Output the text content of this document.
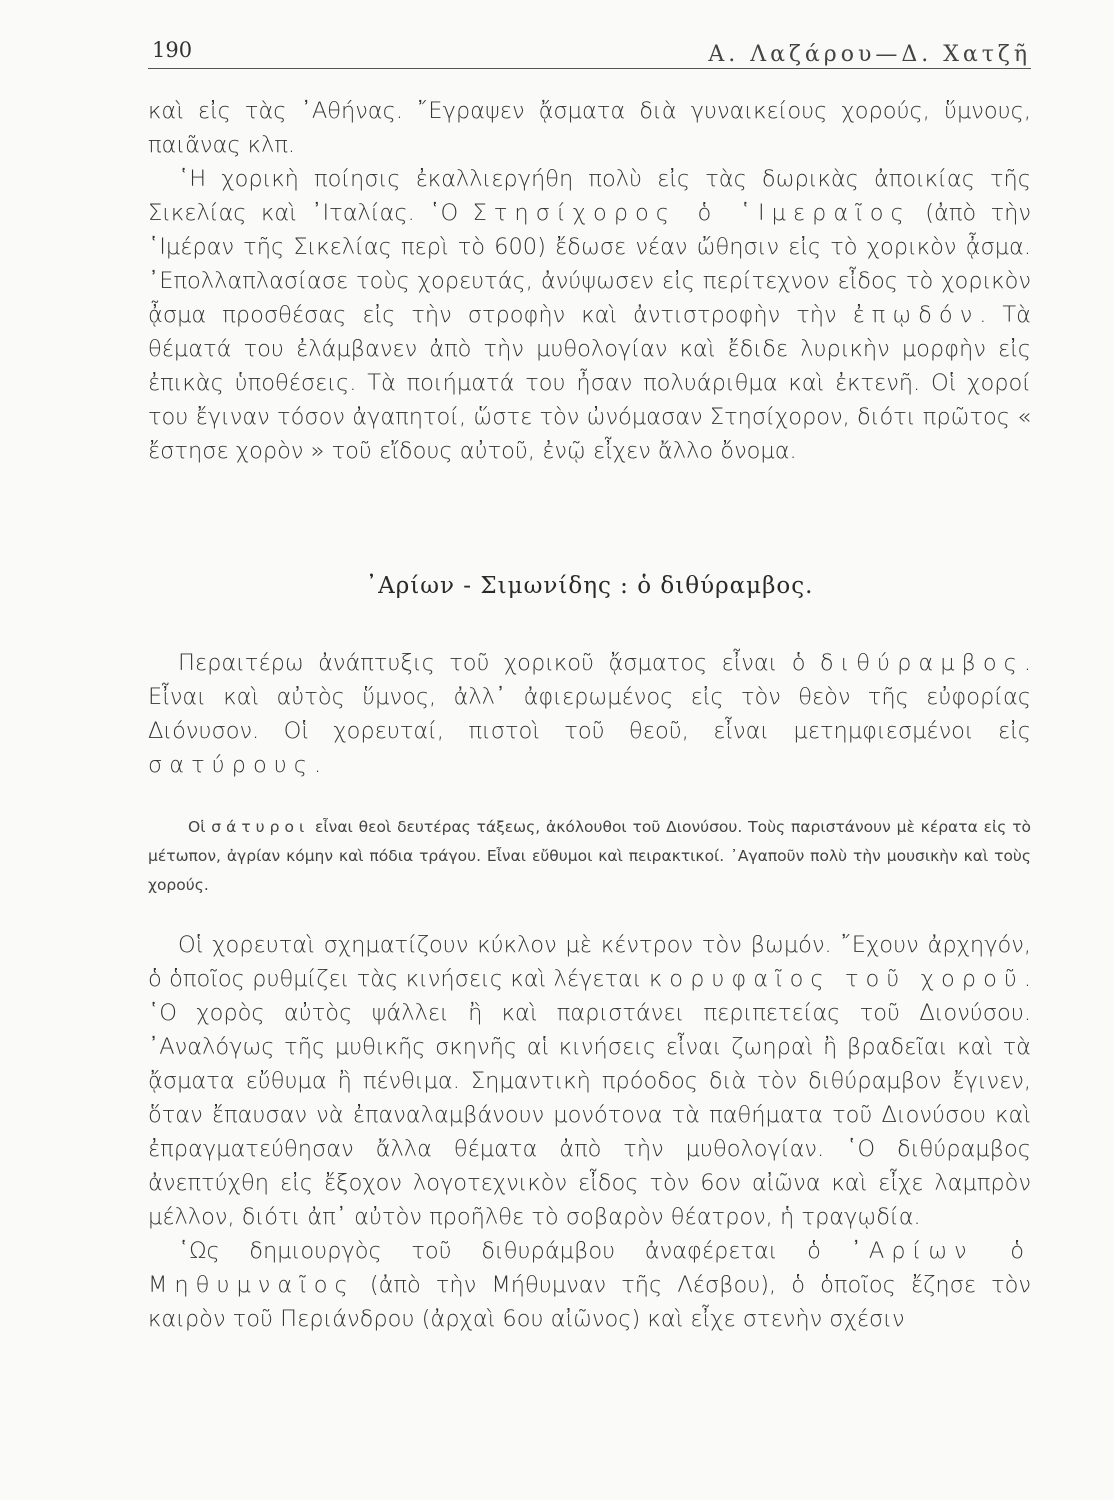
190	Α. Λαζάρου—Δ. Χατζῆ

καὶ εἰς τὰς ᾿Αθήνας. ῎Εγραψεν ᾄσματα διὰ γυναικείους χορούς, ὕμνους, παιᾶνας κλπ.

῾Η χορικὴ ποίησις ἐκαλλιεργήθη πολὺ εἰς τὰς δωρικὰς ἀποικίας τῆς Σικελίας καὶ ᾿Ιταλίας. ῾Ο Στησίχορος ὁ ῾Ιμεραῖος (ἀπὸ τὴν ῾Ιμέραν τῆς Σικελίας περὶ τὸ 600) ἔδωσε νέαν ὤθησιν εἰς τὸ χορικὸν ᾆσμα. ᾿Επολλαπλασίασε τοὺς χορευτάς, ἀνύψωσεν εἰς περίτεχνον εἶδος τὸ χορικὸν ᾆσμα προσθέσας εἰς τὴν στροφὴν καὶ ἀντιστροφὴν τὴν ἐπῳδόν. Τὰ θέματά του ἐλάμβανεν ἀπὸ τὴν μυθολογίαν καὶ ἔδιδε λυρικὴν μορφὴν εἰς ἐπικὰς ὑποθέσεις. Τὰ ποιήματά του ἦσαν πολυάριθμα καὶ ἐκτενῆ. Οἱ χοροί του ἔγιναν τόσον ἀγαπητοί, ὥστε τὸν ὠνόμασαν Στησίχορον, διότι πρῶτος « ἔστησε χορὸν » τοῦ εἴδους αὐτοῦ, ἐνῷ εἶχεν ἄλλο ὄνομα.

᾿Αρίων - Σιμωνίδης : ὁ διθύραμβος.

Περαιτέρω ἀνάπτυξις τοῦ χορικοῦ ᾄσματος εἶναι ὁ διθύραμβος. Εἶναι καὶ αὐτὸς ὕμνος, ἀλλ᾿ ἀφιερωμένος εἰς τὸν θεὸν τῆς εὐφορίας Διόνυσον. Οἱ χορευταί, πιστοὶ τοῦ θεοῦ, εἶναι μετημφιεσμένοι εἰς σατύρους.

Οἱ σάτυροι εἶναι θεοὶ δευτέρας τάξεως, ἀκόλουθοι τοῦ Διονύσου. Τοὺς παριστάνουν μὲ κέρατα εἰς τὸ μέτωπον, ἀγρίαν κόμην καὶ πόδια τράγου. Εἶναι εὔθυμοι καὶ πειρακτικοί. ᾿Αγαποῦν πολὺ τὴν μουσικὴν καὶ τοὺς χορούς.

Οἱ χορευταὶ σχηματίζουν κύκλον μὲ κέντρον τὸν βωμόν. ῎Εχουν ἀρχηγόν, ὁ ὁποῖος ρυθμίζει τὰς κινήσεις καὶ λέγεται κορυφαῖος τοῦ χοροῦ. ῾Ο χορὸς αὐτὸς ψάλλει ἢ καὶ παριστάνει περιπετείας τοῦ Διονύσου. ᾿Αναλόγως τῆς μυθικῆς σκηνῆς αἱ κινήσεις εἶναι ζωηραὶ ἢ βραδεῖαι καὶ τὰ ᾄσματα εὔθυμα ἢ πένθιμα. Σημαντικὴ πρόοδος διὰ τὸν διθύραμβον ἔγινεν, ὅταν ἔπαυσαν νὰ ἐπαναλαμβάνουν μονότονα τὰ παθήματα τοῦ Διονύσου καὶ ἐπραγματεύθησαν ἄλλα θέματα ἀπὸ τὴν μυθολογίαν. ῾Ο διθύραμβος ἀνεπτύχθη εἰς ἔξοχον λογοτεχνικὸν εἶδος τὸν 6ον αἰῶνα καὶ εἶχε λαμπρὸν μέλλον, διότι ἀπ᾿ αὐτὸν προῆλθε τὸ σοβαρὸν θέατρον, ἡ τραγῳδία.

῾Ως δημιουργὸς τοῦ διθυράμβου ἀναφέρεται ὁ ᾿Αρίων ὁ Μηθυμναῖος (ἀπὸ τὴν Μήθυμναν τῆς Λέσβου), ὁ ὁποῖος ἔζησε τὸν καιρὸν τοῦ Περιάνδρου (ἀρχαὶ 6ου αἰῶνος) καὶ εἶχε στενὴν σχέσιν
